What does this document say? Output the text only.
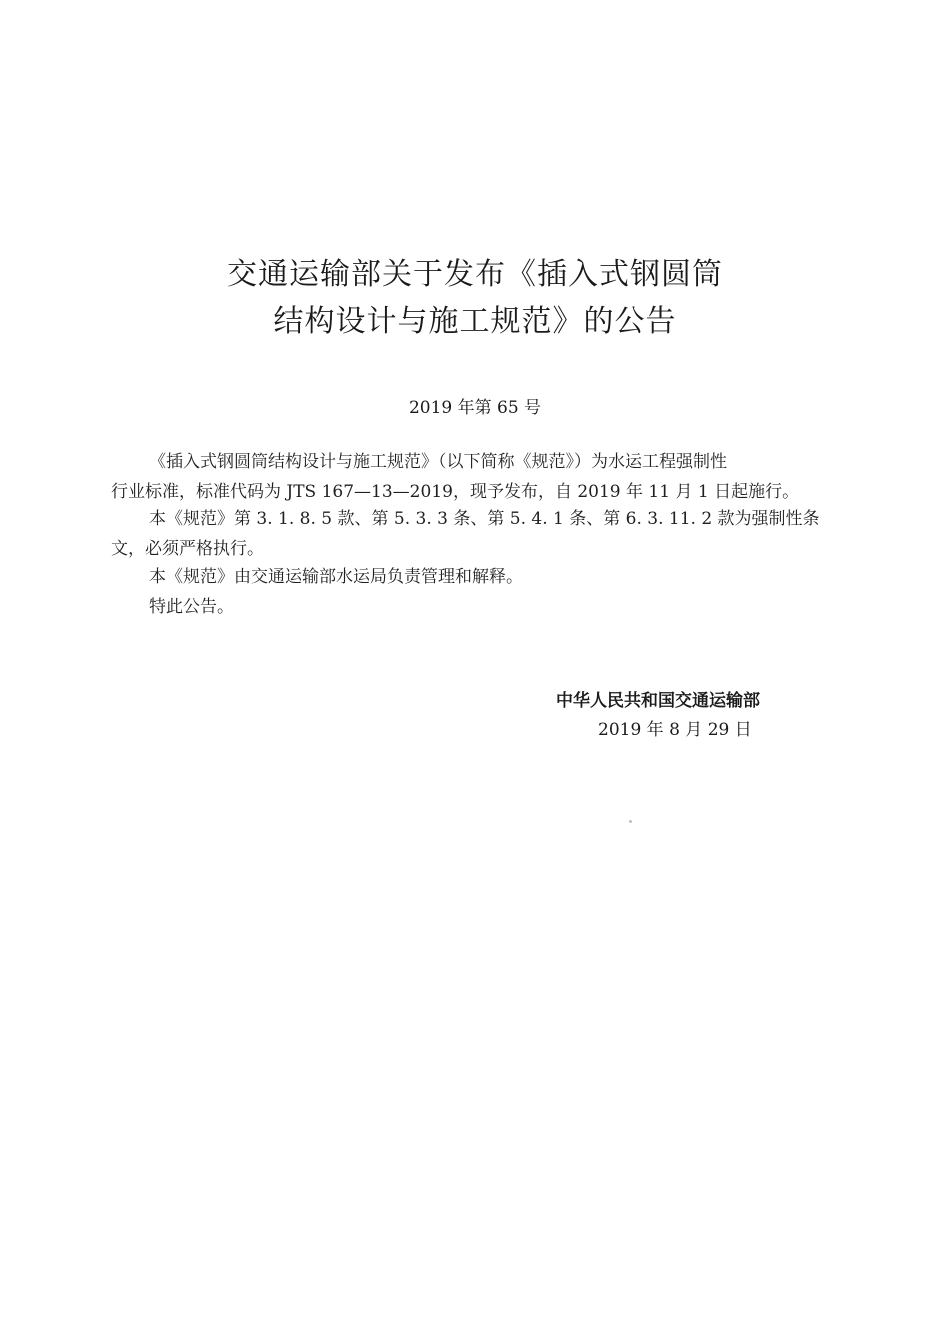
交通运输部关于发布《插入式钢圆筒
结构设计与施工规范》的公告
2019 年第 65 号
《插入式钢圆筒结构设计与施工规范》（以下简称《规范》）为水运工程强制性
行业标准，标准代码为 JTS 167—13—2019，现予发布，自 2019 年 11 月 1 日起施行。
本《规范》第 3. 1. 8. 5 款、第 5. 3. 3 条、第 5. 4. 1 条、第 6. 3. 11. 2 款为强制性条
文，必须严格执行。
本《规范》由交通运输部水运局负责管理和解释。
特此公告。
中华人民共和国交通运输部
2019 年 8 月 29 日
